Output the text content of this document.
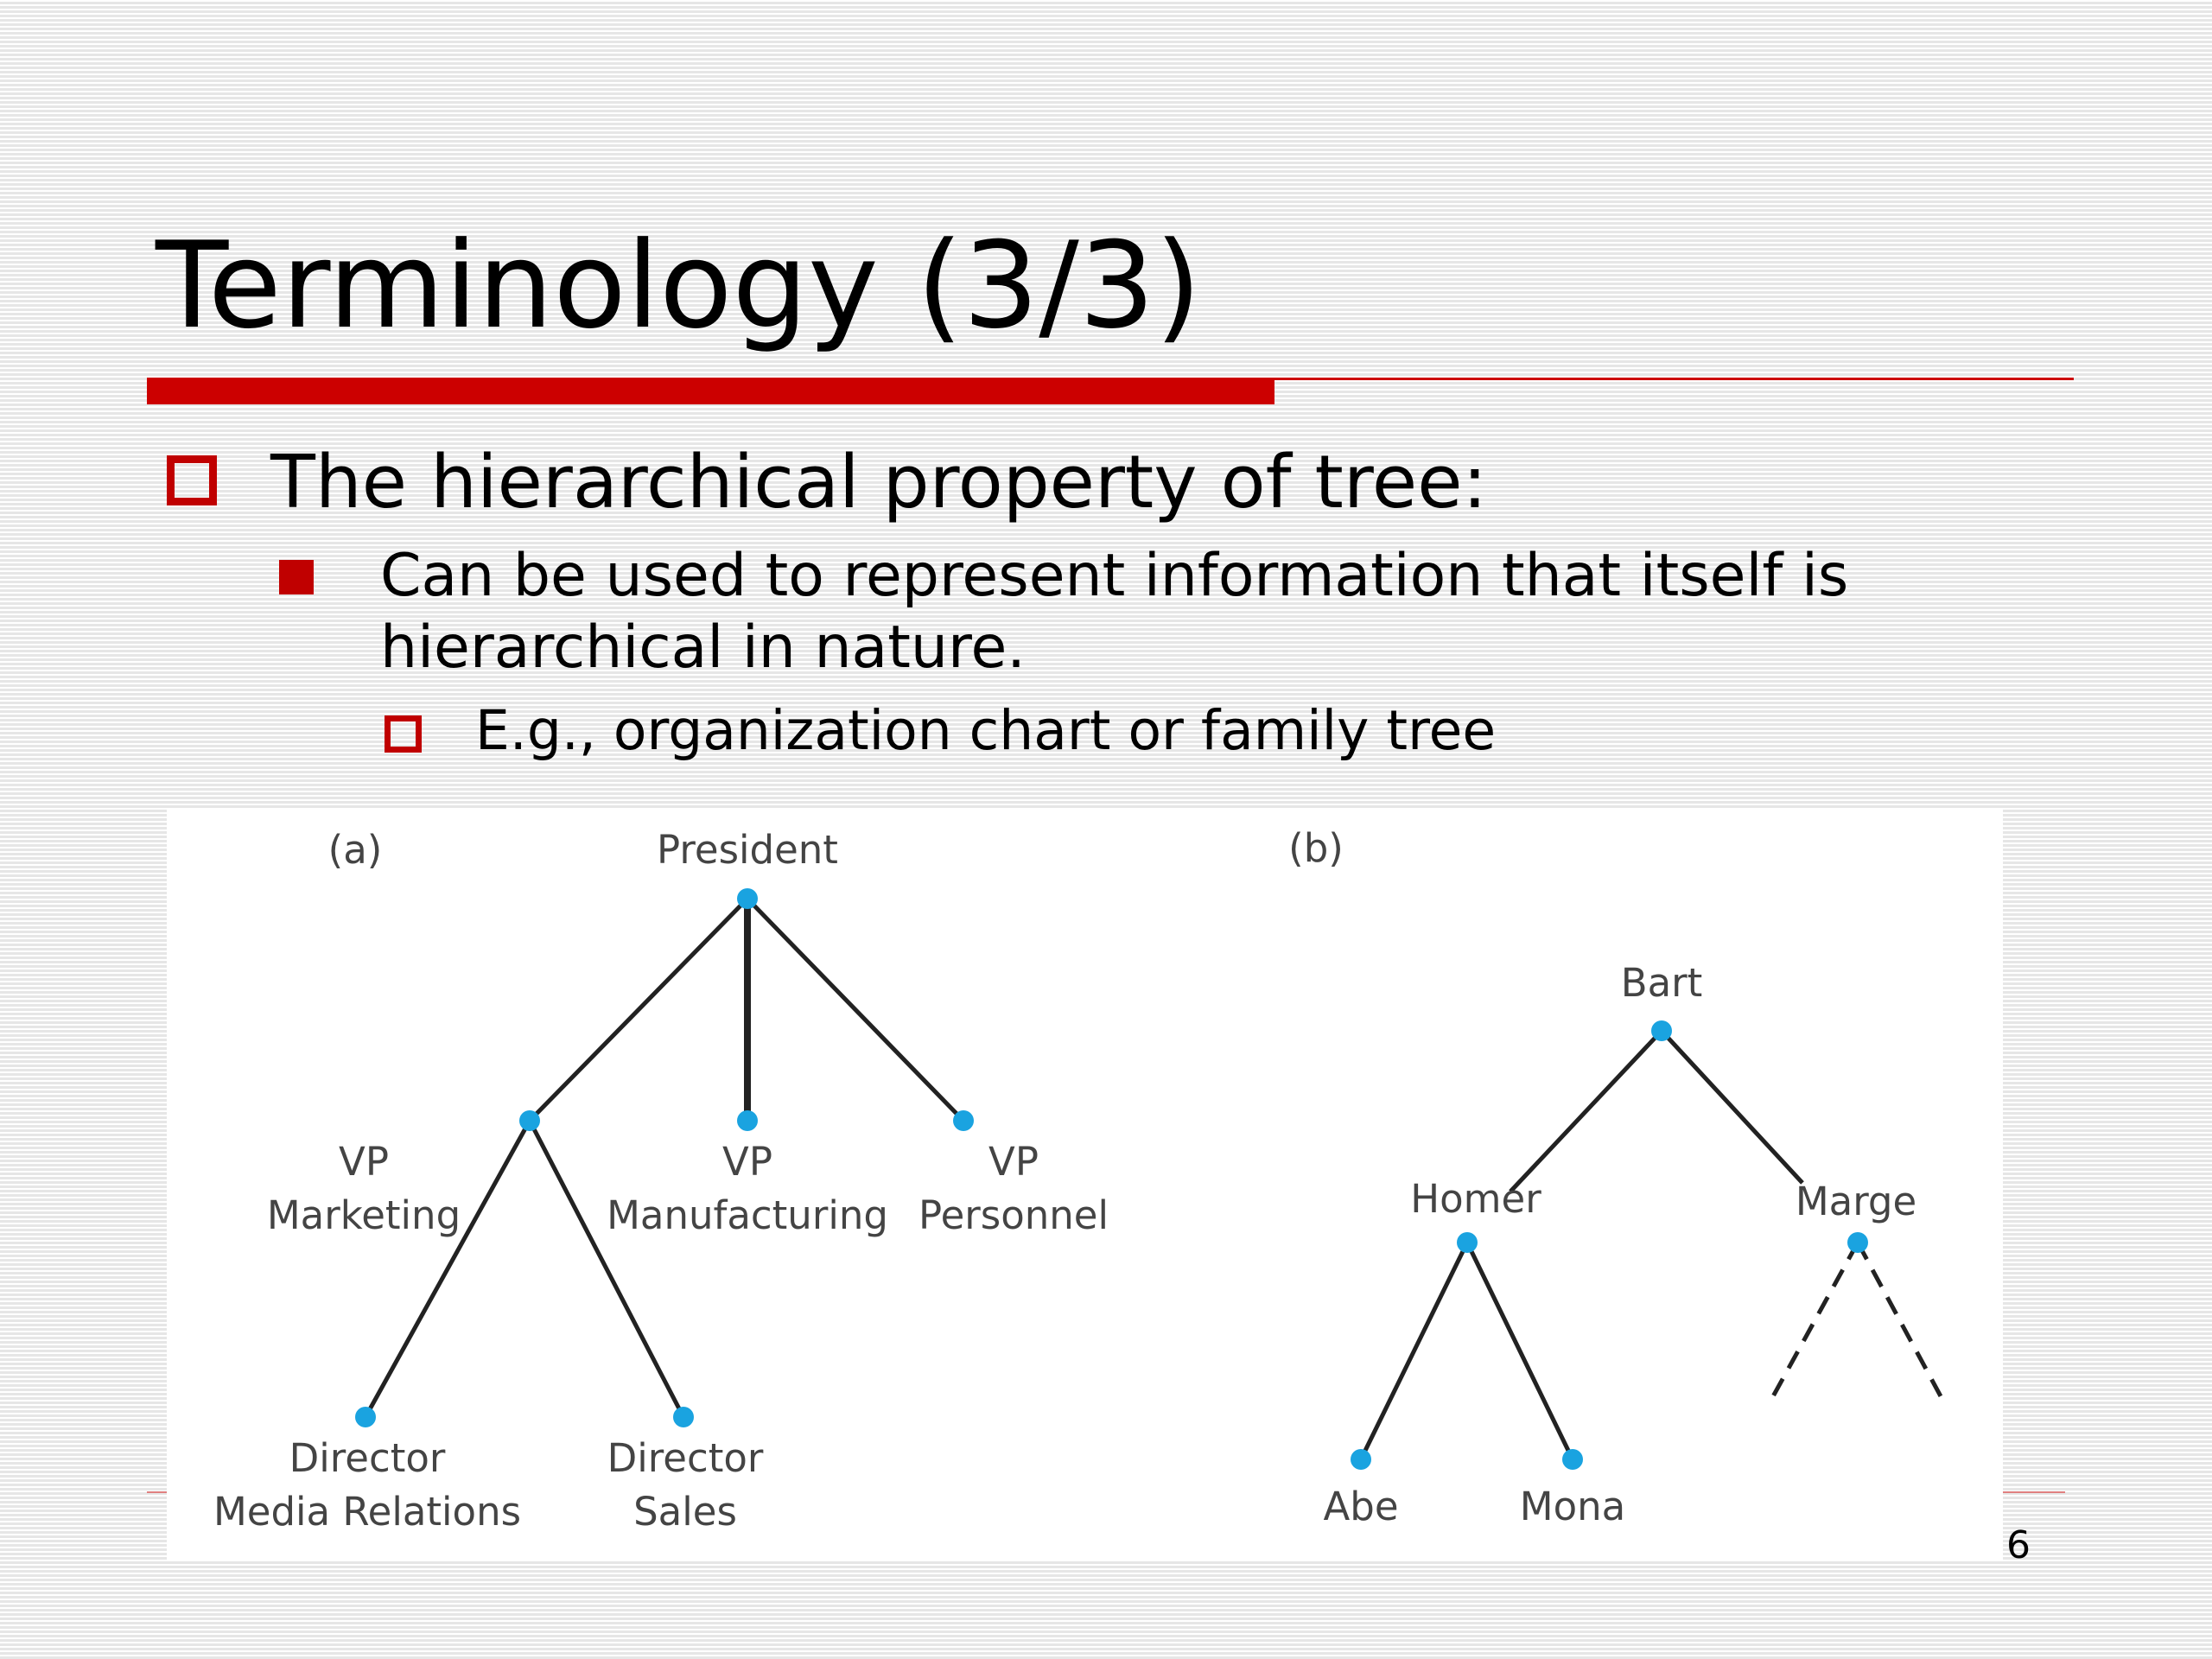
Terminology (3/3)
The hierarchical property of tree:
Can be used to represent information that itself is
hierarchical in nature.
E.g., organization chart or family tree
(a)	President
VP
Marketing
VP
Manufacturing
VP
Personnel
Director
Media Relations
Director
Sales
(b)
Bart
Homer	Marge
Abe	Mona
6
